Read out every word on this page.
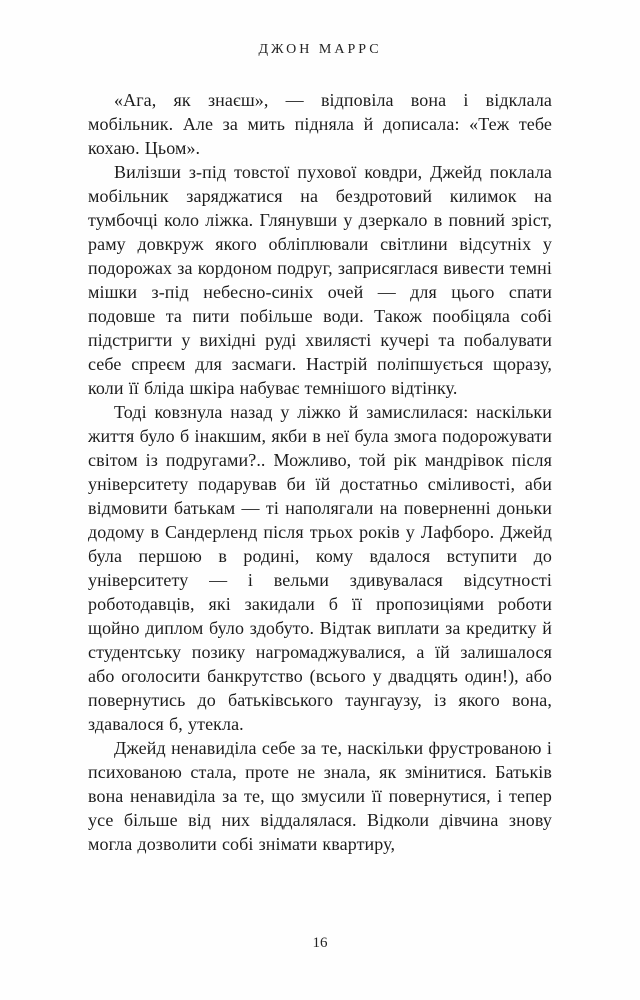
ДЖОН МАРРС

«Ага, як знаєш», — відповіла вона і відклала мобільник. Але за мить підняла й дописала: «Теж тебе кохаю. Цьом».

Вилізши з-під товстої пухової ковдри, Джейд поклала мобільник заряджатися на бездротовий килимок на тумбочці коло ліжка. Глянувши у дзеркало в повний зріст, раму довкруж якого обліплювали світлини відсутніх у подорожах за кордоном подруг, заприсяглася вивести темні мішки з-під небесно-синіх очей — для цього спати подовше та пити побільше води. Також пообіцяла собі підстригти у вихідні руді хвилясті кучері та побалувати себе спреєм для засмаги. Настрій поліпшується щоразу, коли її бліда шкіра набуває темнішого відтінку.

Тоді ковзнула назад у ліжко й замислилася: наскільки життя було б інакшим, якби в неї була змога подорожувати світом із подругами?.. Можливо, той рік мандрівок після університету подарував би їй достатньо сміливості, аби відмовити батькам — ті наполягали на поверненні доньки додому в Сандерленд після трьох років у Лафборо. Джейд була першою в родині, кому вдалося вступити до університету — і вельми здивувалася відсутності роботодавців, які закидали б її пропозиціями роботи щойно диплом було здобуто. Відтак виплати за кредитку й студентську позику нагромаджувалися, а їй залишалося або оголосити банкрутство (всього у двадцять один!), або повернутись до батьківського таунгаузу, із якого вона, здавалося б, утекла.

Джейд ненавиділа себе за те, наскільки фрустрованою і психованою стала, проте не знала, як змінитися. Батьків вона ненавиділа за те, що змусили її повернутися, і тепер усе більше від них віддалялася. Відколи дівчина знову могла дозволити собі знімати квартиру,

16
